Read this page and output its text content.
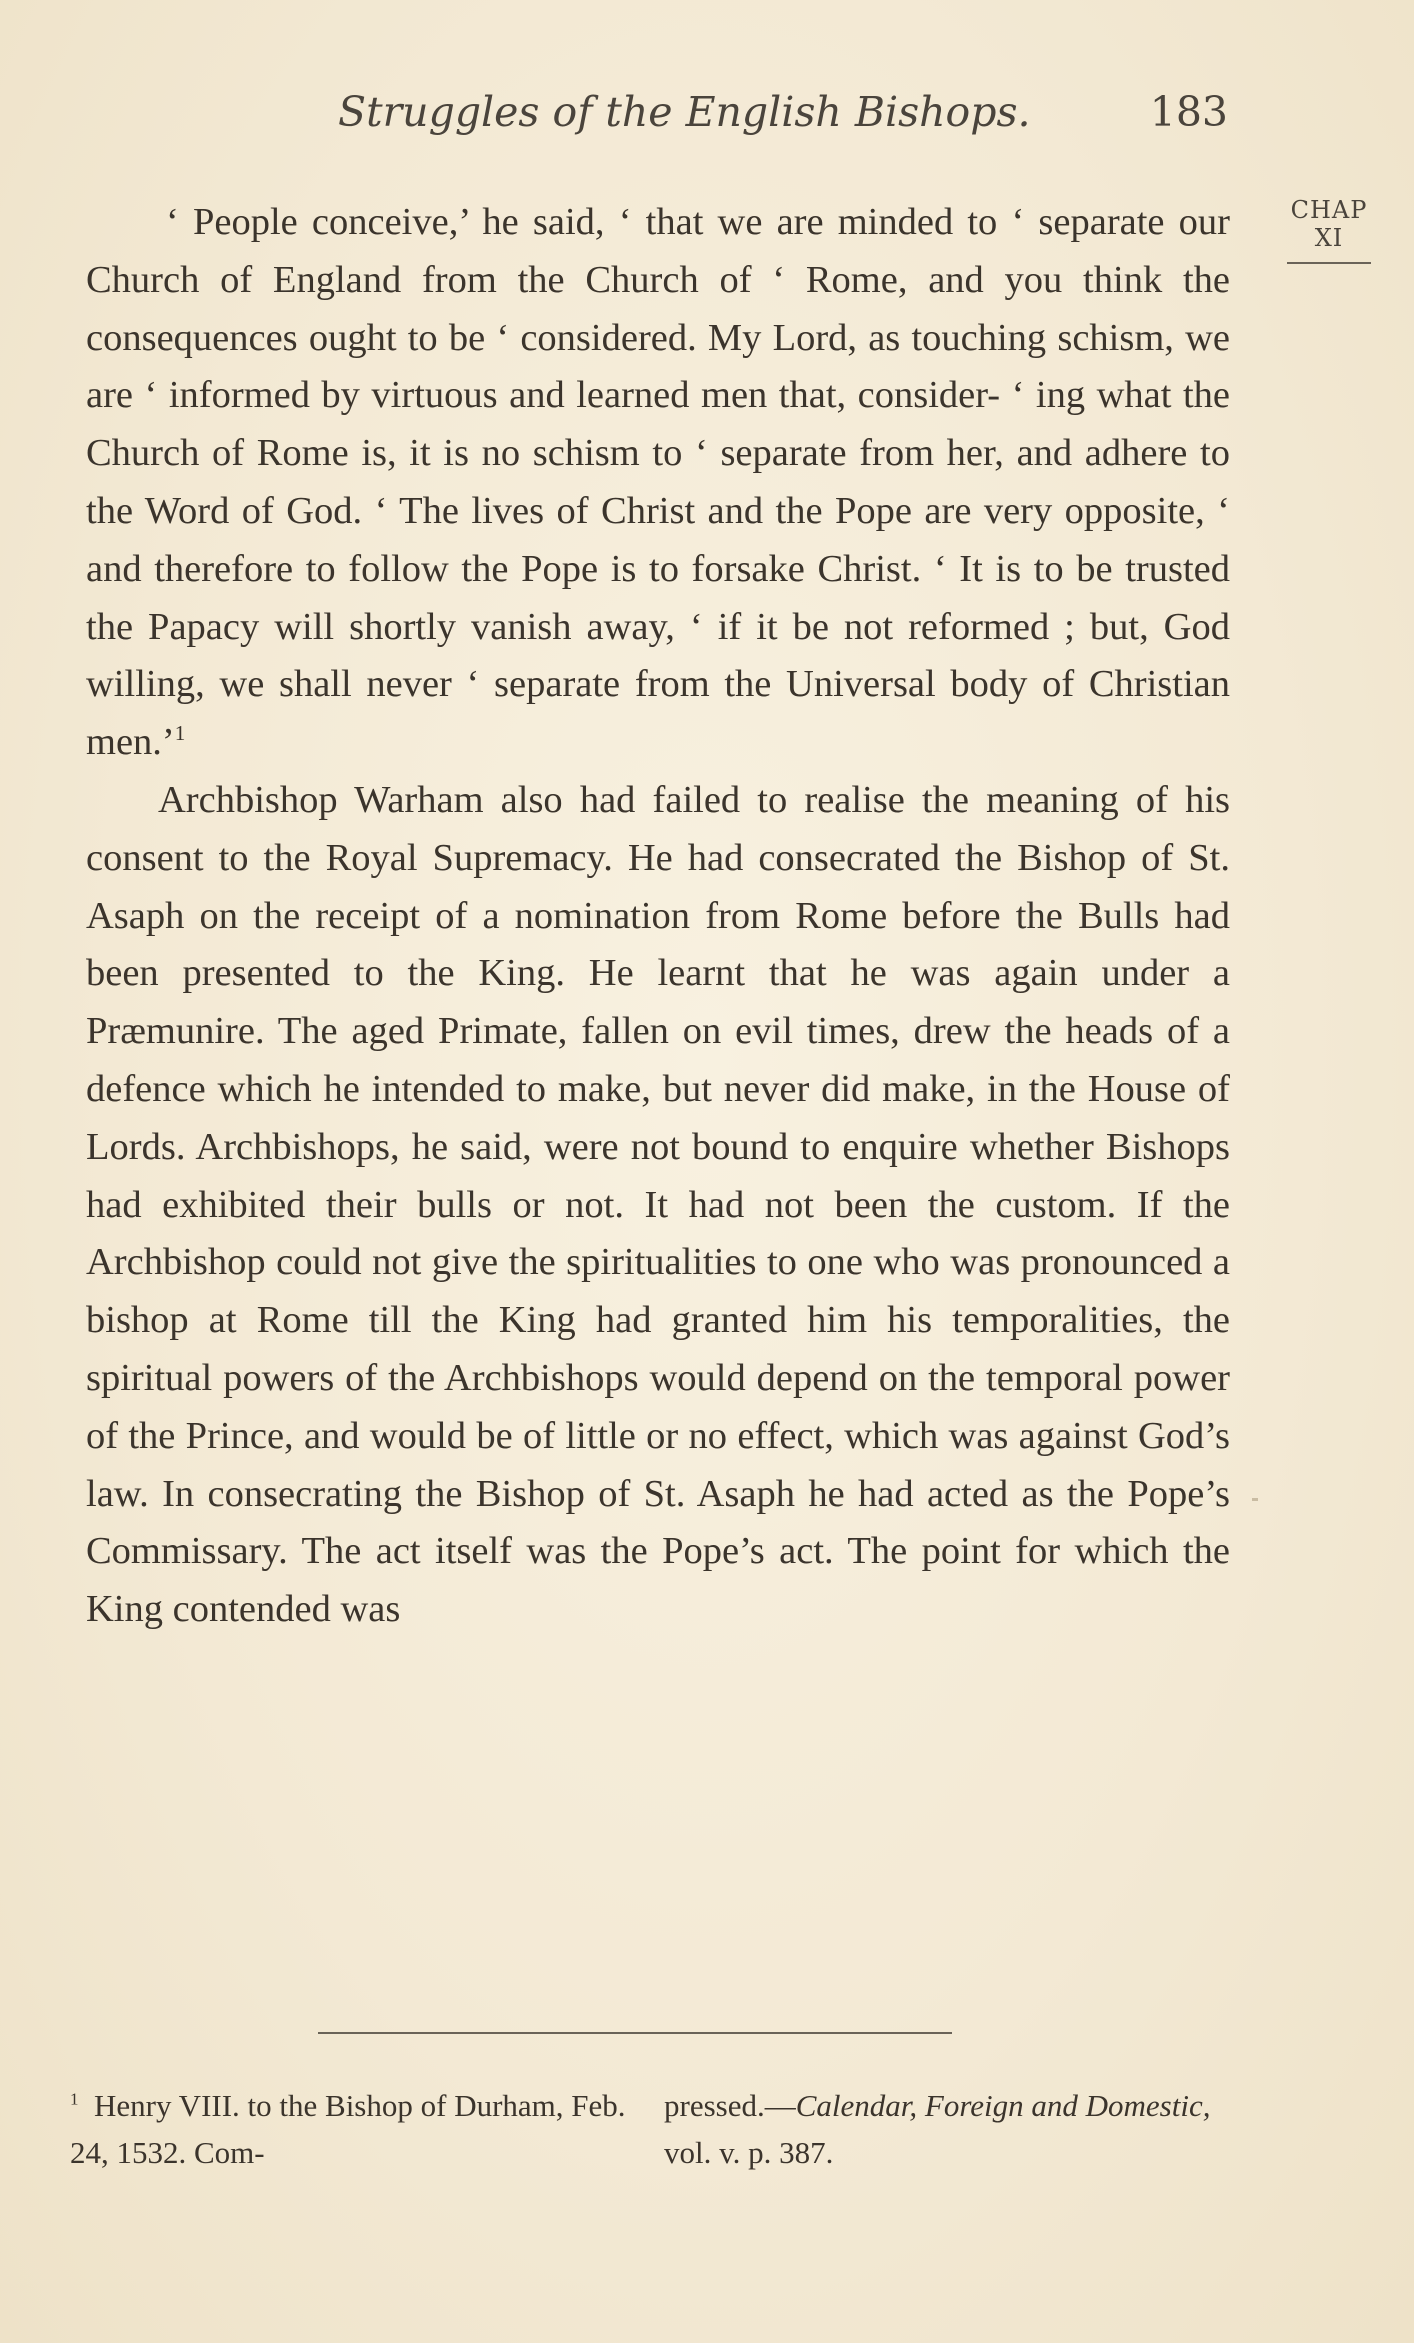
Struggles of the English Bishops.	183
CHAP
XI

‘ People conceive,’ he said, ‘ that we are minded to ‘ separate our Church of England from the Church of ‘ Rome, and you think the consequences ought to be ‘ considered. My Lord, as touching schism, we are ‘ informed by virtuous and learned men that, consider- ‘ ing what the Church of Rome is, it is no schism to ‘ separate from her, and adhere to the Word of God. ‘ The lives of Christ and the Pope are very opposite, ‘ and therefore to follow the Pope is to forsake Christ. ‘ It is to be trusted the Papacy will shortly vanish away, ‘ if it be not reformed ; but, God willing, we shall never ‘ separate from the Universal body of Christian men.’$^1$

Archbishop Warham also had failed to realise the meaning of his consent to the Royal Supremacy. He had consecrated the Bishop of St. Asaph on the receipt of a nomination from Rome before the Bulls had been presented to the King. He learnt that he was again under a Præmunire. The aged Primate, fallen on evil times, drew the heads of a defence which he intended to make, but never did make, in the House of Lords. Archbishops, he said, were not bound to enquire whether Bishops had exhibited their bulls or not. It had not been the custom. If the Archbishop could not give the spiritualities to one who was pronounced a bishop at Rome till the King had granted him his temporalities, the spiritual powers of the Archbishops would depend on the temporal power of the Prince, and would be of little or no effect, which was against God’s law. In consecrating the Bishop of St. Asaph he had acted as the Pope’s Commissary. The act itself was the Pope’s act. The point for which the King contended was

$^1$ Henry VIII. to the Bishop of Durham, Feb. 24, 1532. Com-
pressed.—Calendar, Foreign and Domestic, vol. v. p. 387.
